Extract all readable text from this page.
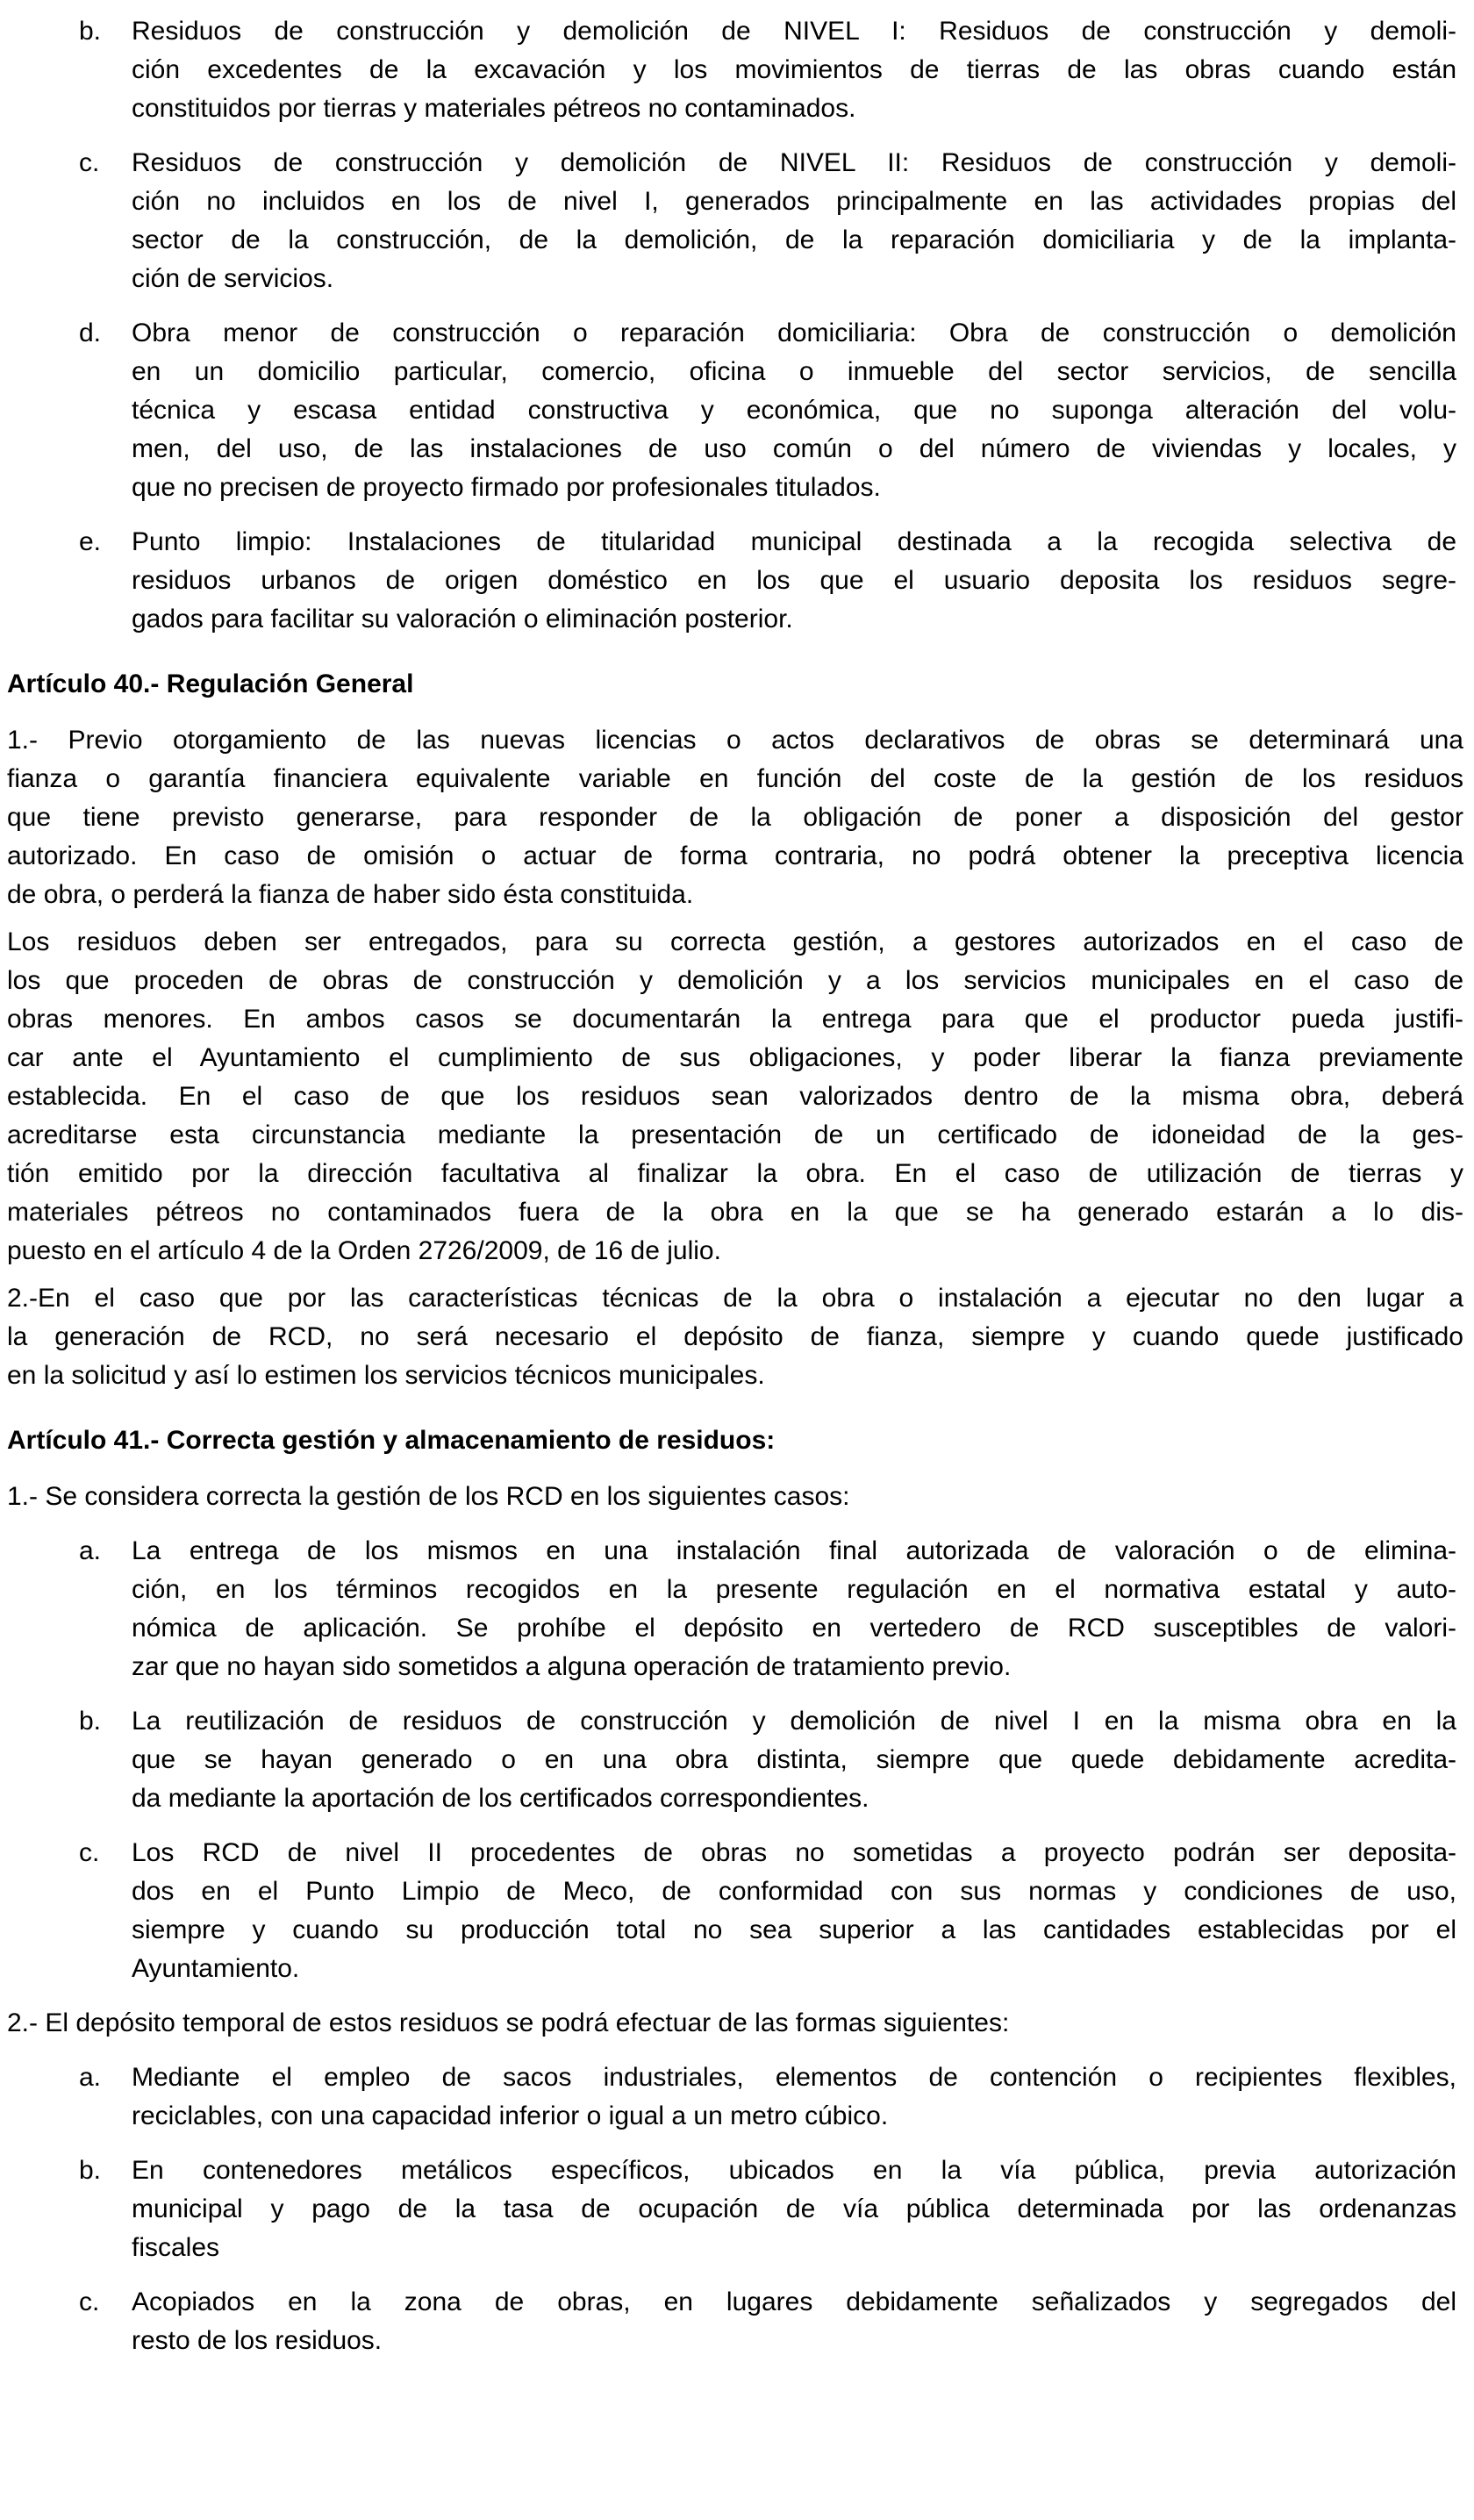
b.	Residuos de construcción y demolición de NIVEL I: Residuos de construcción y demoli-
ción excedentes de la excavación y los movimientos de tierras de las obras cuando están
constituidos por tierras y materiales pétreos no contaminados.
c.	Residuos de construcción y demolición de NIVEL II: Residuos de construcción y demoli-
ción no incluidos en los de nivel I, generados principalmente en las actividades propias del
sector de la construcción, de la demolición, de la reparación domiciliaria y de la implanta-
ción de servicios.
d.	Obra menor de construcción o reparación domiciliaria: Obra de construcción o demolición
en un domicilio particular, comercio, oficina o inmueble del sector servicios, de sencilla
técnica y escasa entidad constructiva y económica, que no suponga alteración del volu-
men, del uso, de las instalaciones de uso común o del número de viviendas y locales, y
que no precisen de proyecto firmado por profesionales titulados.
e.	Punto limpio: Instalaciones de titularidad municipal destinada a la recogida selectiva de
residuos urbanos de origen doméstico en los que el usuario deposita los residuos segre-
gados para facilitar su valoración o eliminación posterior.
Artículo 40.- Regulación General
1.- Previo otorgamiento de las nuevas licencias o actos declarativos de obras se determinará una
fianza o garantía financiera equivalente variable en función del coste de la gestión de los residuos
que tiene previsto generarse, para responder de la obligación de poner a disposición del gestor
autorizado. En caso de omisión o actuar de forma contraria, no podrá obtener la preceptiva licencia
de obra, o perderá la fianza de haber sido ésta constituida.
Los residuos deben ser entregados, para su correcta gestión, a gestores autorizados en el caso de
los que proceden de obras de construcción y demolición y a los servicios municipales en el caso de
obras menores. En ambos casos se documentarán la entrega para que el productor pueda justifi-
car ante el Ayuntamiento el cumplimiento de sus obligaciones, y poder liberar la fianza previamente
establecida. En el caso de que los residuos sean valorizados dentro de la misma obra, deberá
acreditarse esta circunstancia mediante la presentación de un certificado de idoneidad de la ges-
tión emitido por la dirección facultativa al finalizar la obra. En el caso de utilización de tierras y
materiales pétreos no contaminados fuera de la obra en la que se ha generado estarán a lo dis-
puesto en el artículo 4 de la Orden 2726/2009, de 16 de julio.
2.-En el caso que por las características técnicas de la obra o instalación a ejecutar no den lugar a
la generación de RCD, no será necesario el depósito de fianza, siempre y cuando quede justificado
en la solicitud y así lo estimen los servicios técnicos municipales.
Artículo 41.- Correcta gestión y almacenamiento de residuos:
1.- Se considera correcta la gestión de los RCD en los siguientes casos:
a.	La entrega de los mismos en una instalación final autorizada de valoración o de elimina-
ción, en los términos recogidos en la presente regulación en el normativa estatal y auto-
nómica de aplicación. Se prohíbe el depósito en vertedero de RCD susceptibles de valori-
zar que no hayan sido sometidos a alguna operación de tratamiento previo.
b.	La reutilización de residuos de construcción y demolición de nivel I en la misma obra en la
que se hayan generado o en una obra distinta, siempre que quede debidamente acredita-
da mediante la aportación de los certificados correspondientes.
c.	Los RCD de nivel II procedentes de obras no sometidas a proyecto podrán ser deposita-
dos en el Punto Limpio de Meco, de conformidad con sus normas y condiciones de uso,
siempre y cuando su producción total no sea superior a las cantidades establecidas por el
Ayuntamiento.
2.- El depósito temporal de estos residuos se podrá efectuar de las formas siguientes:
a.	Mediante el empleo de sacos industriales, elementos de contención o recipientes flexibles,
reciclables, con una capacidad inferior o igual a un metro cúbico.
b.	En contenedores metálicos específicos, ubicados en la vía pública, previa autorización
municipal y pago de la tasa de ocupación de vía pública determinada por las ordenanzas
fiscales
c.	Acopiados en la zona de obras, en lugares debidamente señalizados y segregados del
resto de los residuos.
